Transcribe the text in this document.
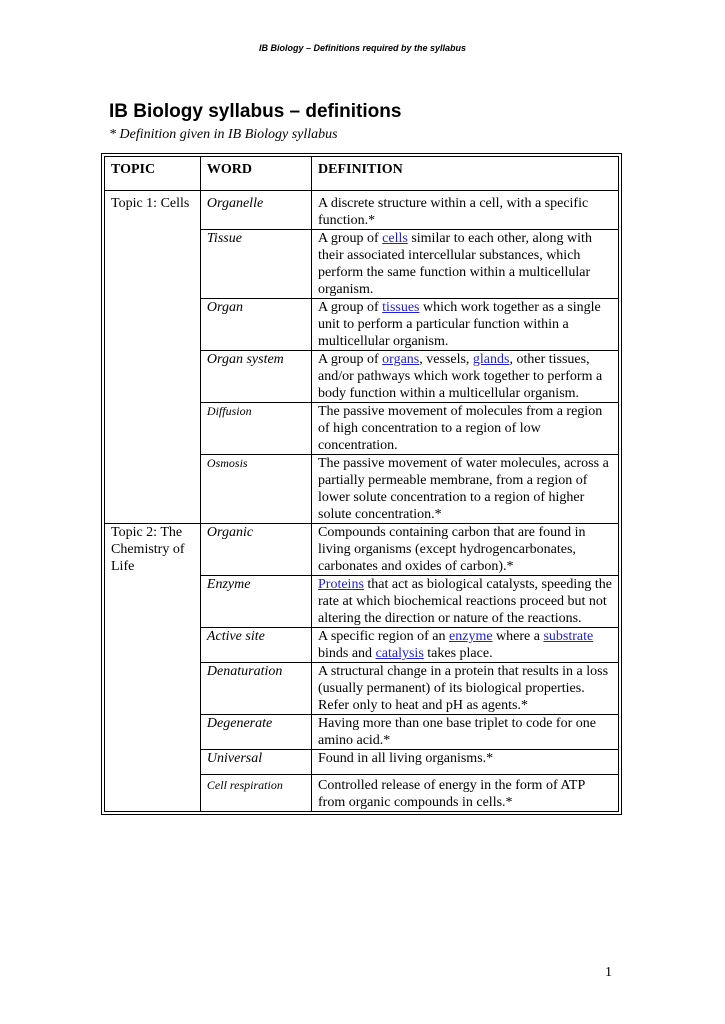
IB Biology – Definitions required by the syllabus
IB Biology syllabus – definitions
* Definition given in IB Biology syllabus
TOPIC	WORD	DEFINITION
Topic 1: Cells	Organelle	A discrete structure within a cell, with a specific function.*
	Tissue	A group of cells similar to each other, along with their associated intercellular substances, which perform the same function within a multicellular organism.
	Organ	A group of tissues which work together as a single unit to perform a particular function within a multicellular organism.
	Organ system	A group of organs, vessels, glands, other tissues, and/or pathways which work together to perform a body function within a multicellular organism.
	Diffusion	The passive movement of molecules from a region of high concentration to a region of low concentration.
	Osmosis	The passive movement of water molecules, across a partially permeable membrane, from a region of lower solute concentration to a region of higher solute concentration.*
Topic 2: The Chemistry of Life	Organic	Compounds containing carbon that are found in living organisms (except hydrogencarbonates, carbonates and oxides of carbon).*
	Enzyme	Proteins that act as biological catalysts, speeding the rate at which biochemical reactions proceed but not altering the direction or nature of the reactions.
	Active site	A specific region of an enzyme where a substrate binds and catalysis takes place.
	Denaturation	A structural change in a protein that results in a loss (usually permanent) of its biological properties. Refer only to heat and pH as agents.*
	Degenerate	Having more than one base triplet to code for one amino acid.*
	Universal	Found in all living organisms.*
	Cell respiration	Controlled release of energy in the form of ATP from organic compounds in cells.*
1
